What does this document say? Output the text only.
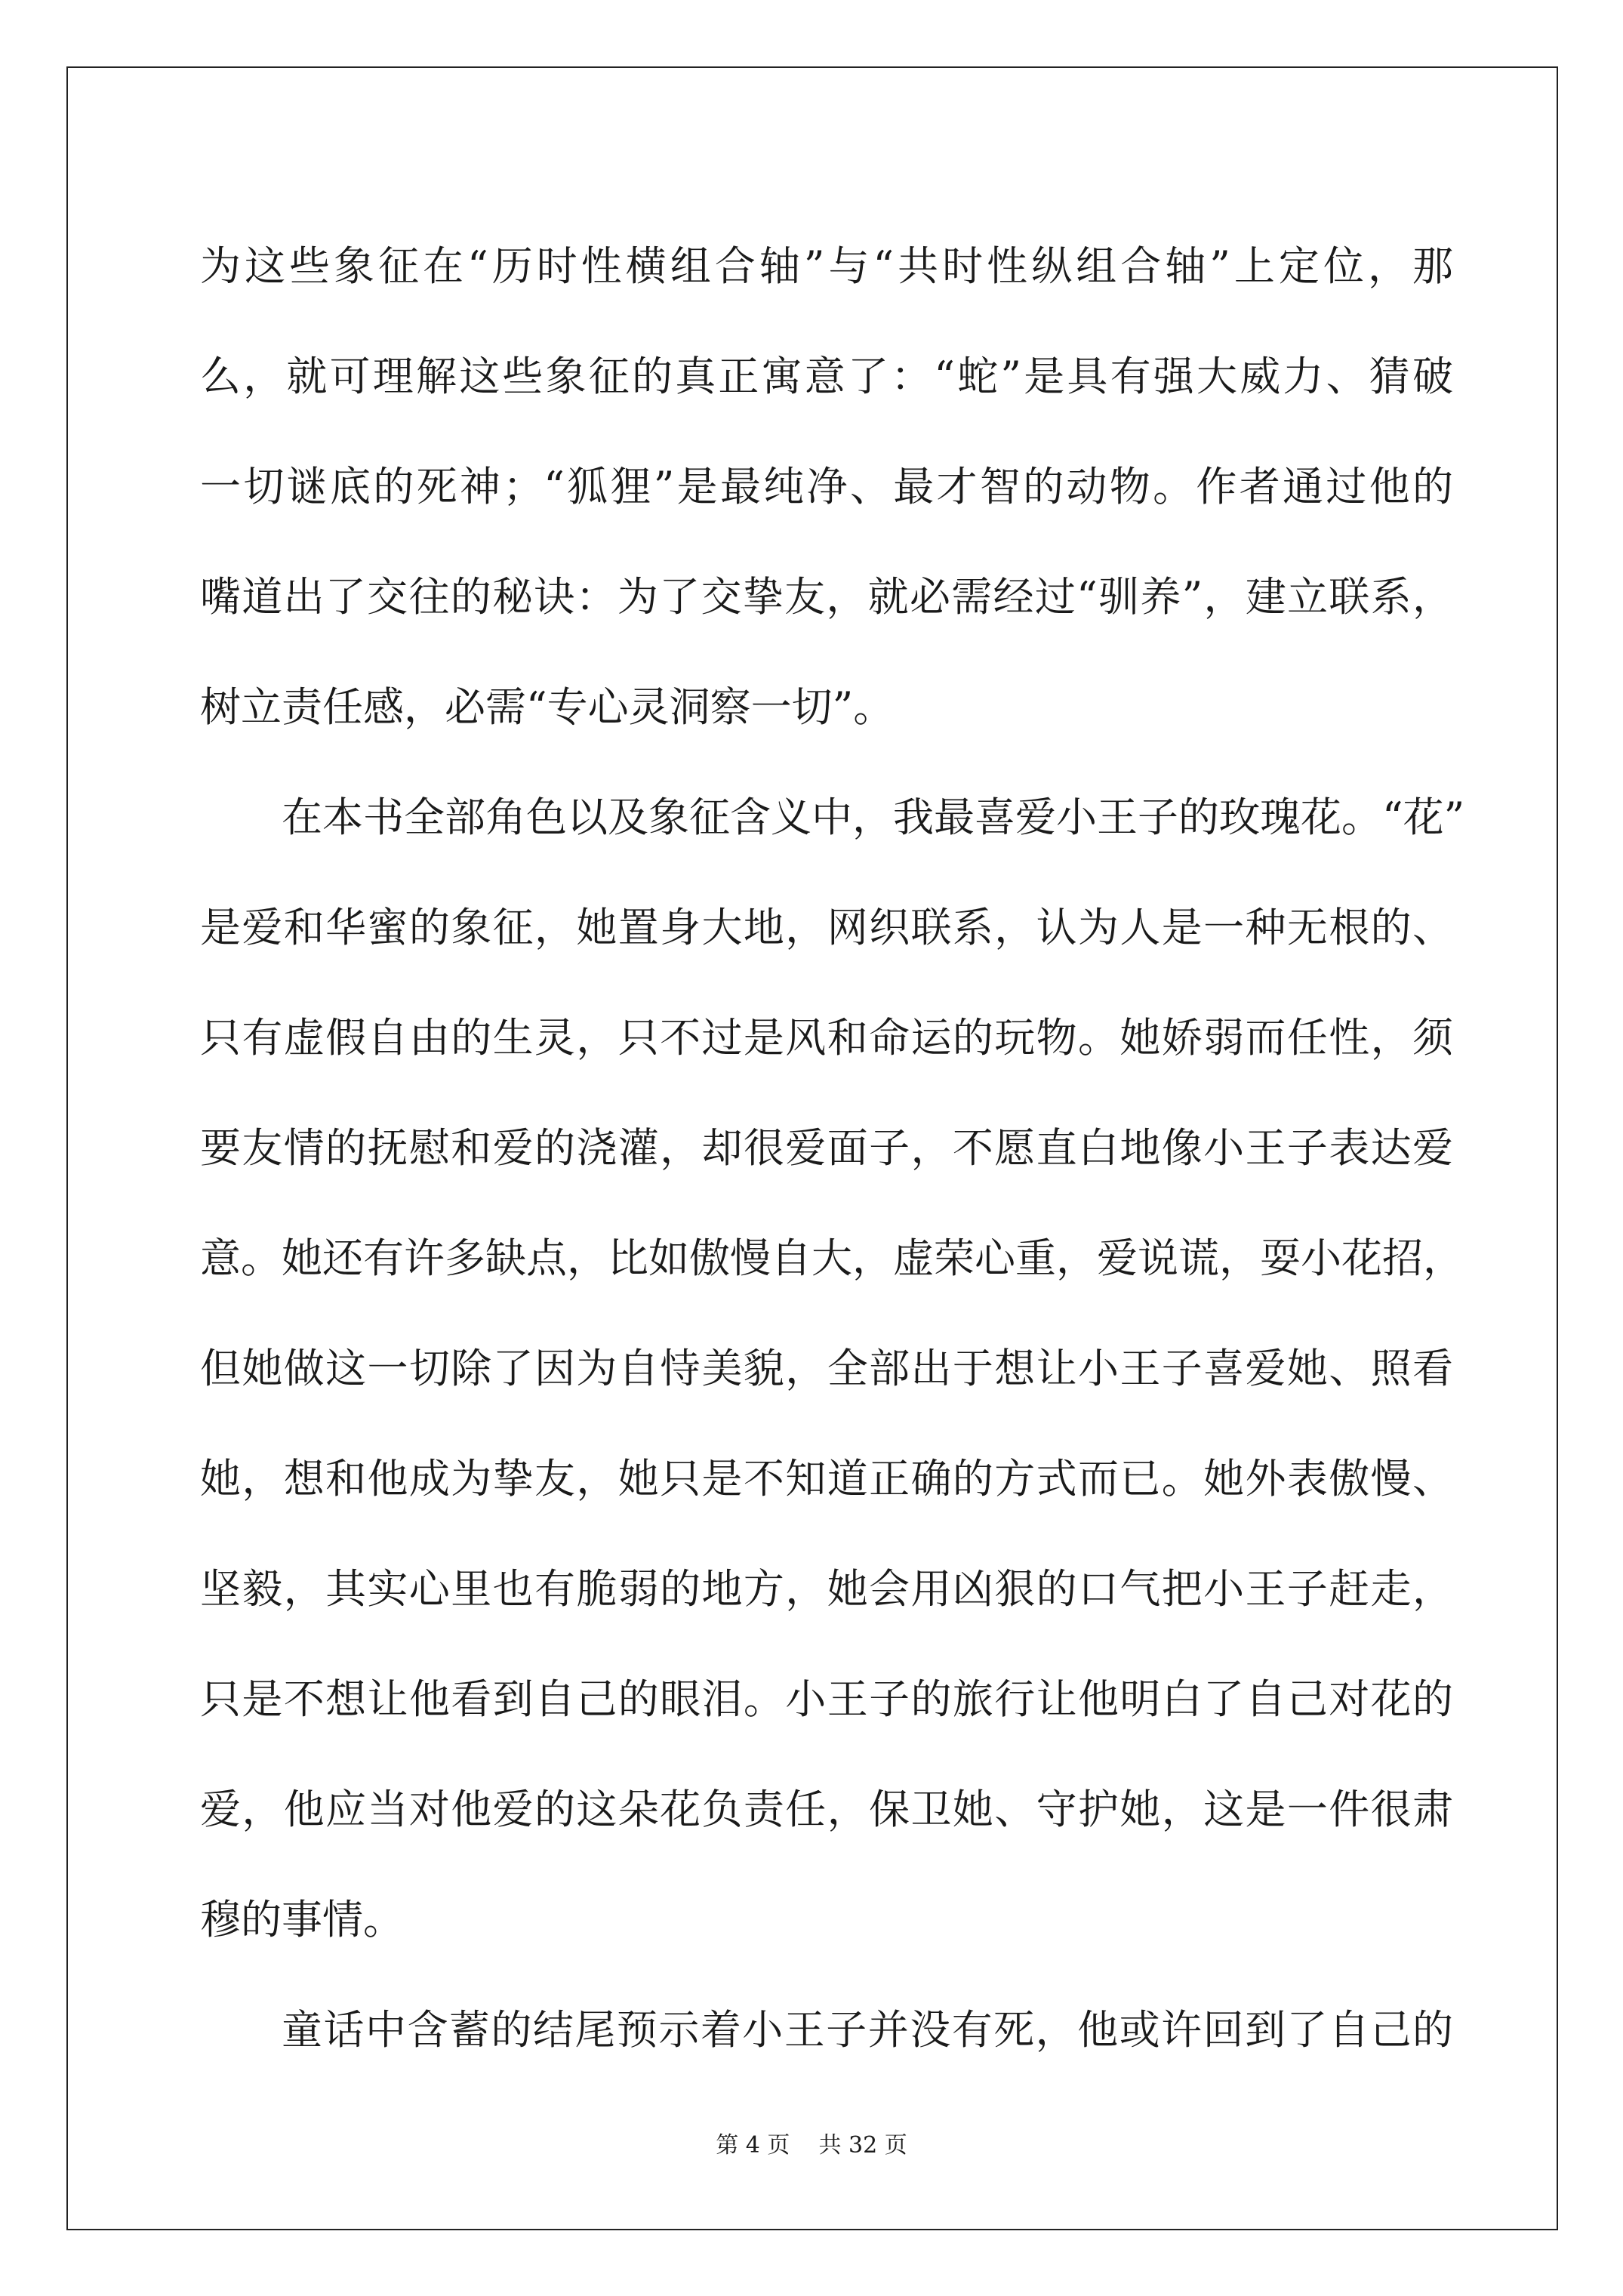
为这些象征在“历时性横组合轴”与“共时性纵组合轴”上定位，那
么，就可理解这些象征的真正寓意了：“蛇”是具有强大威力、猜破
一切谜底的死神；“狐狸”是最纯净、最才智的动物。作者通过他的
嘴道出了交往的秘诀：为了交挚友，就必需经过“驯养”，建立联系，
树立责任感，必需“专心灵洞察一切”。
在本书全部角色以及象征含义中，我最喜爱小王子的玫瑰花。“花”
是爱和华蜜的象征，她置身大地，网织联系，认为人是一种无根的、
只有虚假自由的生灵，只不过是风和命运的玩物。她娇弱而任性，须
要友情的抚慰和爱的浇灌，却很爱面子，不愿直白地像小王子表达爱
意。她还有许多缺点，比如傲慢自大，虚荣心重，爱说谎，耍小花招，
但她做这一切除了因为自恃美貌，全部出于想让小王子喜爱她、照看
她，想和他成为挚友，她只是不知道正确的方式而已。她外表傲慢、
坚毅，其实心里也有脆弱的地方，她会用凶狠的口气把小王子赶走，
只是不想让他看到自己的眼泪。小王子的旅行让他明白了自己对花的
爱，他应当对他爱的这朵花负责任，保卫她、守护她，这是一件很肃
穆的事情。
童话中含蓄的结尾预示着小王子并没有死，他或许回到了自己的
第 4 页    共 32 页
